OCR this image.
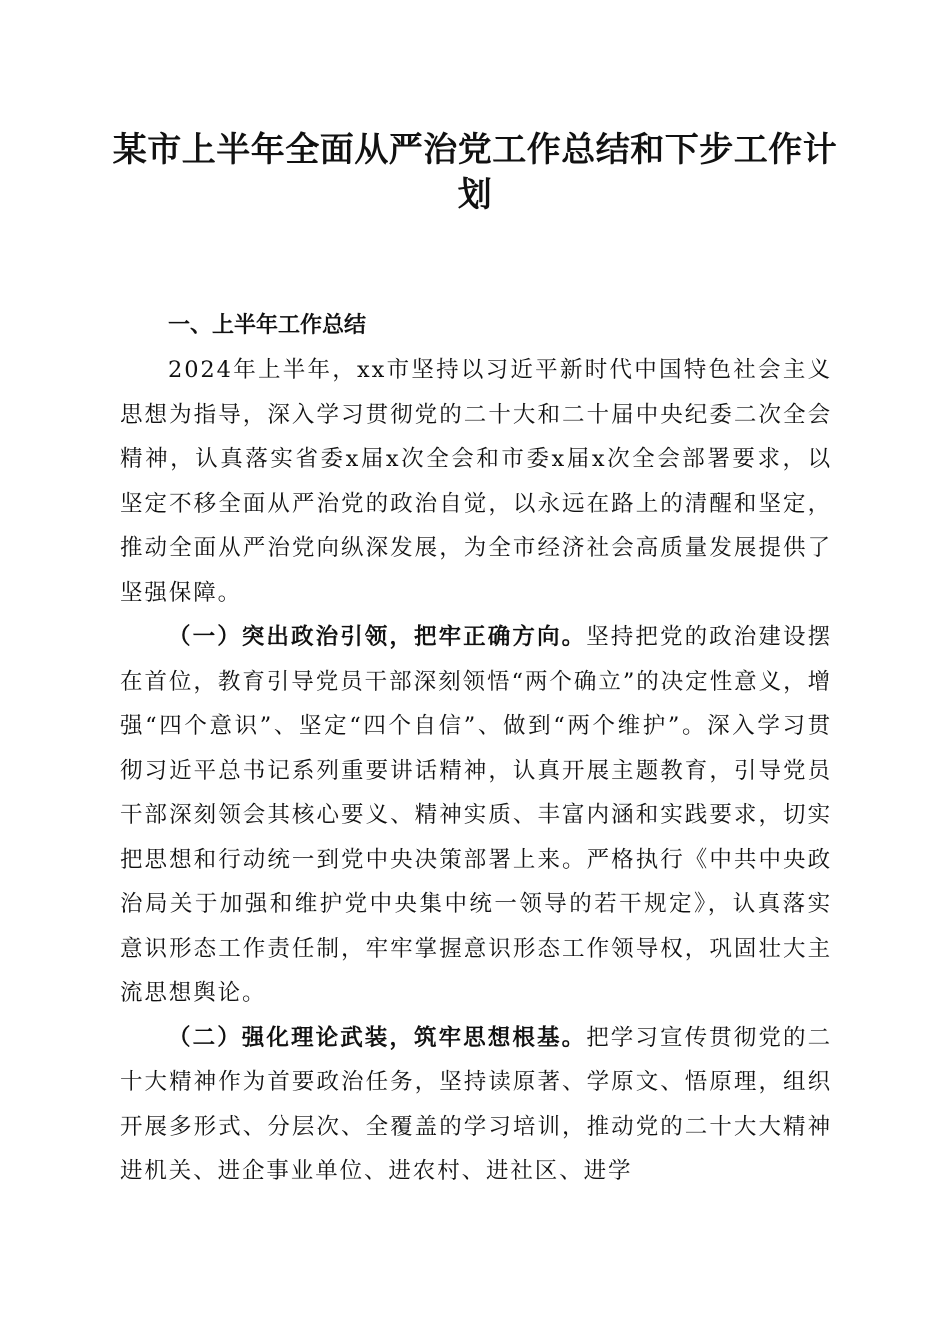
某市上半年全面从严治党工作总结和下步工作计划

一、上半年工作总结

2024年上半年，xx市坚持以习近平新时代中国特色社会主义思想为指导，深入学习贯彻党的二十大和二十届中央纪委二次全会精神，认真落实省委x届x次全会和市委x届x次全会部署要求，以坚定不移全面从严治党的政治自觉，以永远在路上的清醒和坚定，推动全面从严治党向纵深发展，为全市经济社会高质量发展提供了坚强保障。

（一）突出政治引领，把牢正确方向。坚持把党的政治建设摆在首位，教育引导党员干部深刻领悟“两个确立”的决定性意义，增强“四个意识”、坚定“四个自信”、做到“两个维护”。深入学习贯彻习近平总书记系列重要讲话精神，认真开展主题教育，引导党员干部深刻领会其核心要义、精神实质、丰富内涵和实践要求，切实把思想和行动统一到党中央决策部署上来。严格执行《中共中央政治局关于加强和维护党中央集中统一领导的若干规定》，认真落实意识形态工作责任制，牢牢掌握意识形态工作领导权，巩固壮大主流思想舆论。

（二）强化理论武装，筑牢思想根基。把学习宣传贯彻党的二十大精神作为首要政治任务，坚持读原著、学原文、悟原理，组织开展多形式、分层次、全覆盖的学习培训，推动党的二十大大精神进机关、进企事业单位、进农村、进社区、进学
